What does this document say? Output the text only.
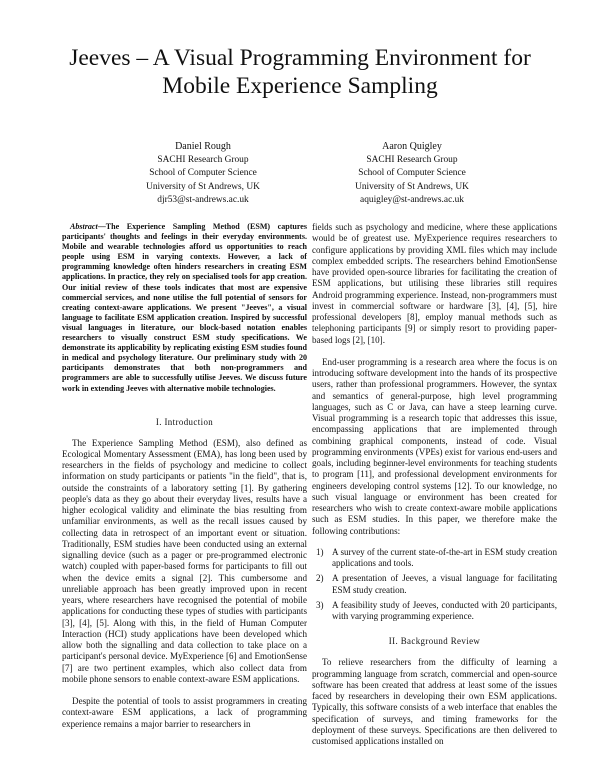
Jeeves – A Visual Programming Environment for
Mobile Experience Sampling
Daniel Rough
SACHI Research Group
School of Computer Science
University of St Andrews, UK
djr53@st-andrews.ac.uk
Aaron Quigley
SACHI Research Group
School of Computer Science
University of St Andrews, UK
aquigley@st-andrews.ac.uk
Abstract—The Experience Sampling Method (ESM) captures participants' thoughts and feelings in their everyday environments. Mobile and wearable technologies afford us opportunities to reach people using ESM in varying contexts. However, a lack of programming knowledge often hinders researchers in creating ESM applications. In practice, they rely on specialised tools for app creation. Our initial review of these tools indicates that most are expensive commercial services, and none utilise the full potential of sensors for creating context-aware applications. We present "Jeeves", a visual language to facilitate ESM application creation. Inspired by successful visual languages in literature, our block-based notation enables researchers to visually construct ESM study specifications. We demonstrate its applicability by replicating existing ESM studies found in medical and psychology literature. Our preliminary study with 20 participants demonstrates that both non-programmers and programmers are able to successfully utilise Jeeves. We discuss future work in extending Jeeves with alternative mobile technologies.
I. Introduction

The Experience Sampling Method (ESM), also defined as Ecological Momentary Assessment (EMA), has long been used by researchers in the fields of psychology and medicine to collect information on study participants or patients "in the field", that is, outside the constraints of a laboratory setting [1]. By gathering people's data as they go about their everyday lives, results have a higher ecological validity and eliminate the bias resulting from unfamiliar environments, as well as the recall issues caused by collecting data in retrospect of an important event or situation. Traditionally, ESM studies have been conducted using an external signalling device (such as a pager or pre-programmed electronic watch) coupled with paper-based forms for participants to fill out when the device emits a signal [2]. This cumbersome and unreliable approach has been greatly improved upon in recent years, where researchers have recognised the potential of mobile applications for conducting these types of studies with participants [3], [4], [5]. Along with this, in the field of Human Computer Interaction (HCI) study applications have been developed which allow both the signalling and data collection to take place on a participant's personal device. MyExperience [6] and EmotionSense [7] are two pertinent examples, which also collect data from mobile phone sensors to enable context-aware ESM applications.

Despite the potential of tools to assist programmers in creating context-aware ESM applications, a lack of programming experience remains a major barrier to researchers in

fields such as psychology and medicine, where these applications would be of greatest use. MyExperience requires researchers to configure applications by providing XML files which may include complex embedded scripts. The researchers behind EmotionSense have provided open-source libraries for facilitating the creation of ESM applications, but utilising these libraries still requires Android programming experience. Instead, non-programmers must invest in commercial software or hardware [3], [4], [5], hire professional developers [8], employ manual methods such as telephoning participants [9] or simply resort to providing paper-based logs [2], [10].

End-user programming is a research area where the focus is on introducing software development into the hands of its prospective users, rather than professional programmers. However, the syntax and semantics of general-purpose, high level programming languages, such as C or Java, can have a steep learning curve. Visual programming is a research topic that addresses this issue, encompassing applications that are implemented through combining graphical components, instead of code. Visual programming environments (VPEs) exist for various end-users and goals, including beginner-level environments for teaching students to program [11], and professional development environments for engineers developing control systems [12]. To our knowledge, no such visual language or environment has been created for researchers who wish to create context-aware mobile applications such as ESM studies. In this paper, we therefore make the following contributions:

1) A survey of the current state-of-the-art in ESM study creation applications and tools.
2) A presentation of Jeeves, a visual language for facilitating ESM study creation.
3) A feasibility study of Jeeves, conducted with 20 participants, with varying programming experience.
II. Background Review

To relieve researchers from the difficulty of learning a programming language from scratch, commercial and open-source software has been created that address at least some of the issues faced by researchers in developing their own ESM applications. Typically, this software consists of a web interface that enables the specification of surveys, and timing frameworks for the deployment of these surveys. Specifications are then delivered to customised applications installed on
